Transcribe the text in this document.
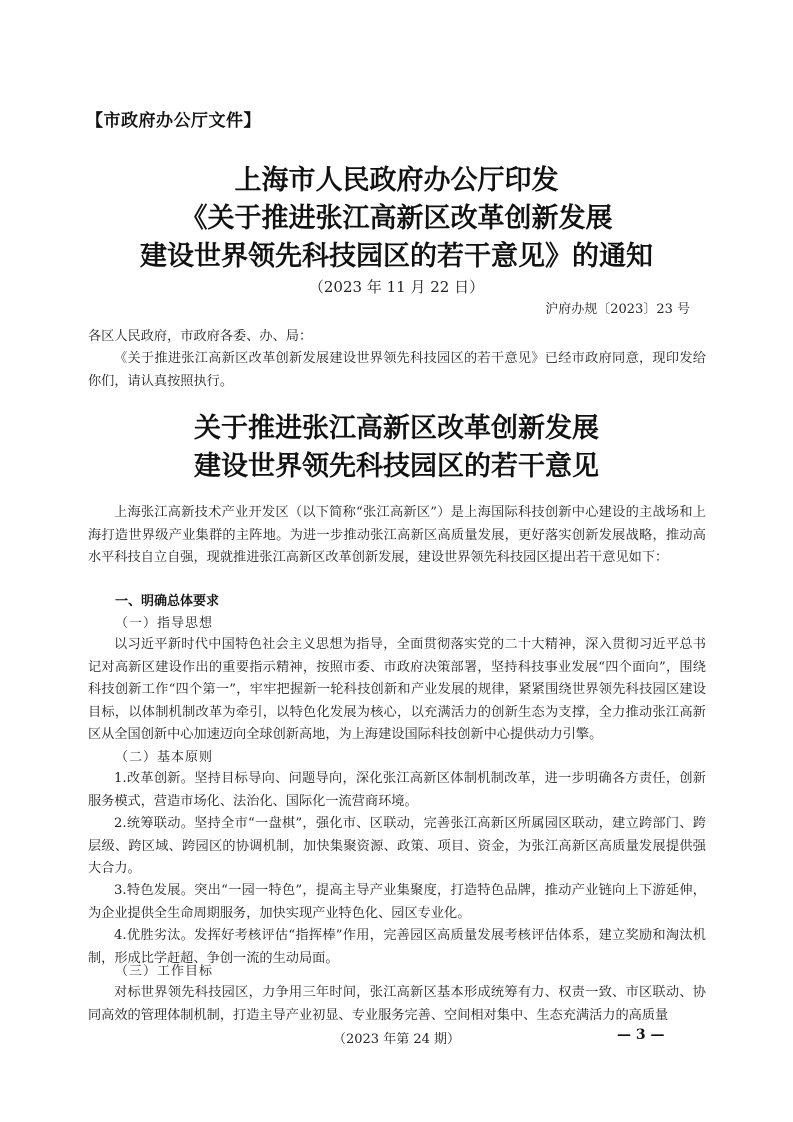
【市政府办公厅文件】
上海市人民政府办公厅印发
《关于推进张江高新区改革创新发展
建设世界领先科技园区的若干意见》的通知
（2023 年 11 月 22 日）
沪府办规〔2023〕23 号
各区人民政府，市政府各委、办、局：
《关于推进张江高新区改革创新发展建设世界领先科技园区的若干意见》已经市政府同意，现印发给你们，请认真按照执行。
关于推进张江高新区改革创新发展
建设世界领先科技园区的若干意见
上海张江高新技术产业开发区（以下简称“张江高新区”）是上海国际科技创新中心建设的主战场和上海打造世界级产业集群的主阵地。为进一步推动张江高新区高质量发展，更好落实创新发展战略，推动高水平科技自立自强，现就推进张江高新区改革创新发展，建设世界领先科技园区提出若干意见如下：
一、明确总体要求
（一）指导思想
以习近平新时代中国特色社会主义思想为指导，全面贯彻落实党的二十大精神，深入贯彻习近平总书记对高新区建设作出的重要指示精神，按照市委、市政府决策部署，坚持科技事业发展“四个面向”，围绕科技创新工作“四个第一”，牢牢把握新一轮科技创新和产业发展的规律，紧紧围绕世界领先科技园区建设目标，以体制机制改革为牵引，以特色化发展为核心，以充满活力的创新生态为支撑，全力推动张江高新区从全国创新中心加速迈向全球创新高地，为上海建设国际科技创新中心提供动力引擎。
（二）基本原则
1.改革创新。坚持目标导向、问题导向，深化张江高新区体制机制改革，进一步明确各方责任，创新服务模式，营造市场化、法治化、国际化一流营商环境。
2.统筹联动。坚持全市“一盘棋”，强化市、区联动，完善张江高新区所属园区联动，建立跨部门、跨层级、跨区域、跨园区的协调机制，加快集聚资源、政策、项目、资金，为张江高新区高质量发展提供强大合力。
3.特色发展。突出“一园一特色”，提高主导产业集聚度，打造特色品牌，推动产业链向上下游延伸，为企业提供全生命周期服务，加快实现产业特色化、园区专业化。
4.优胜劣汰。发挥好考核评估“指挥棒”作用，完善园区高质量发展考核评估体系，建立奖励和淘汰机制，形成比学赶超、争创一流的生动局面。
（三）工作目标
对标世界领先科技园区，力争用三年时间，张江高新区基本形成统筹有力、权责一致、市区联动、协同高效的管理体制机制，打造主导产业初显、专业服务完善、空间相对集中、生态充满活力的高质量
（2023 年第 24 期）	— 3 —
